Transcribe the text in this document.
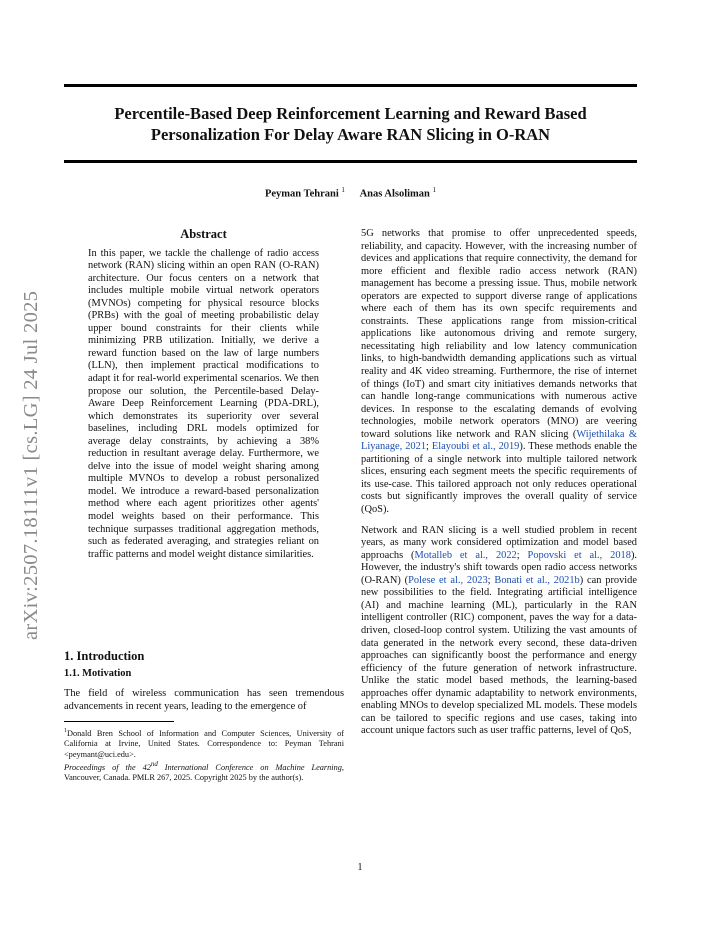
Percentile-Based Deep Reinforcement Learning and Reward Based
Personalization For Delay Aware RAN Slicing in O-RAN
Peyman Tehrani $^1$ Anas Alsoliman $^1$
arXiv:2507.18111v1 [cs.LG] 24 Jul 2025
Abstract

In this paper, we tackle the challenge of radio access network (RAN) slicing within an open RAN (O-RAN) architecture. Our focus centers on a network that includes multiple mobile virtual network operators (MVNOs) competing for physical resource blocks (PRBs) with the goal of meeting probabilistic delay upper bound constraints for their clients while minimizing PRB utilization. Initially, we derive a reward function based on the law of large numbers (LLN), then implement practical modifications to adapt it for real-world experimental scenarios. We then propose our solution, the Percentile-based Delay-Aware Deep Reinforcement Learning (PDA-DRL), which demonstrates its superiority over several baselines, including DRL models optimized for average delay constraints, by achieving a 38% reduction in resultant average delay. Furthermore, we delve into the issue of model weight sharing among multiple MVNOs to develop a robust personalized model. We introduce a reward-based personalization method where each agent prioritizes other agents' model weights based on their performance. This technique surpasses traditional aggregation methods, such as federated averaging, and strategies reliant on traffic patterns and model weight distance similarities.

1. Introduction
1.1. Motivation

The field of wireless communication has seen tremendous advancements in recent years, leading to the emergence of

$^1$Donald Bren School of Information and Computer Sciences, University of California at Irvine, United States. Correspondence to: Peyman Tehrani <peymant@uci.edu>.

Proceedings of the 42nd International Conference on Machine Learning, Vancouver, Canada. PMLR 267, 2025. Copyright 2025 by the author(s).

5G networks that promise to offer unprecedented speeds, reliability, and capacity. However, with the increasing number of devices and applications that require connectivity, the demand for more efficient and flexible radio access network (RAN) management has become a pressing issue. Thus, mobile network operators are expected to support diverse range of applications where each of them has its own specifc requirements and constraints. These applications range from mission-critical applications like autonomous driving and remote surgery, necessitating high reliability and low latency communication links, to high-bandwidth demanding applications such as virtual reality and 4K video streaming. Furthermore, the rise of internet of things (IoT) and smart city initiatives demands networks that can handle long-range communications with numerous active devices. In response to the escalating demands of evolving technologies, mobile network operators (MNO) are veering toward solutions like network and RAN slicing (Wijethilaka & Liyanage, 2021; Elayoubi et al., 2019). These methods enable the partitioning of a single network into multiple tailored network slices, ensuring each segment meets the specific requirements of its use-case. This tailored approach not only reduces operational costs but significantly improves the overall quality of service (QoS).

Network and RAN slicing is a well studied problem in recent years, as many work considered optimization and model based approachs (Motalleb et al., 2022; Popovski et al., 2018). However, the industry's shift towards open radio access networks (O-RAN) (Polese et al., 2023; Bonati et al., 2021b) can provide new possibilities to the field. Integrating artificial intelligence (AI) and machine learning (ML), particularly in the RAN intelligent controller (RIC) component, paves the way for a data-driven, closed-loop control system. Utilizing the vast amounts of data generated in the network every second, these data-driven approaches can significantly boost the performance and energy efficiency of the future generation of network infrastructure. Unlike the static model based methods, the learning-based approaches offer dynamic adaptability to network environments, enabling MNOs to develop specialized ML models. These models can be tailored to specific regions and use cases, taking into account unique factors such as user traffic patterns, level of QoS,

1
